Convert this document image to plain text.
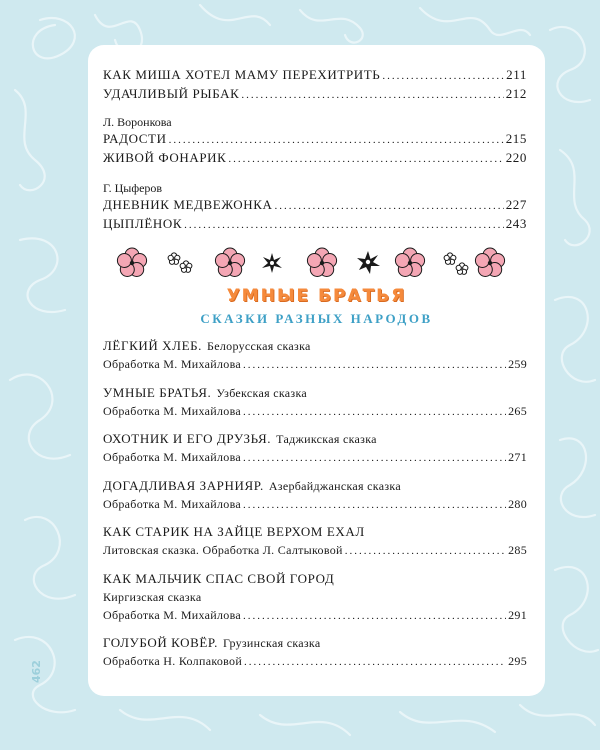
462
КАК МИША ХОТЕЛ МАМУ ПЕРЕХИТРИТЬ .....	211
УДАЧЛИВЫЙ РЫБАК .....	212
Л. Воронкова
РАДОСТИ .....	215
ЖИВОЙ ФОНАРИК .....	220
Г. Цыферов
ДНЕВНИК МЕДВЕЖОНКА .....	227
ЦЫПЛЁНОК .....	243
УМНЫЕ БРАТЬЯ
СКАЗКИ РАЗНЫХ НАРОДОВ
ЛЁГКИЙ ХЛЕБ. Белорусская сказка
Обработка М. Михайлова .....	259
УМНЫЕ БРАТЬЯ. Узбекская сказка
Обработка М. Михайлова .....	265
ОХОТНИК И ЕГО ДРУЗЬЯ. Таджикская сказка
Обработка М. Михайлова .....	271
ДОГАДЛИВАЯ ЗАРНИЯР. Азербайджанская сказка
Обработка М. Михайлова .....	280
КАК СТАРИК НА ЗАЙЦЕ ВЕРХОМ ЕХАЛ
Литовская сказка. Обработка Л. Салтыковой .....	285
КАК МАЛЬЧИК СПАС СВОЙ ГОРОД
Киргизская сказка
Обработка М. Михайлова .....	291
ГОЛУБОЙ КОВЁР. Грузинская сказка
Обработка Н. Колпаковой .....	295
